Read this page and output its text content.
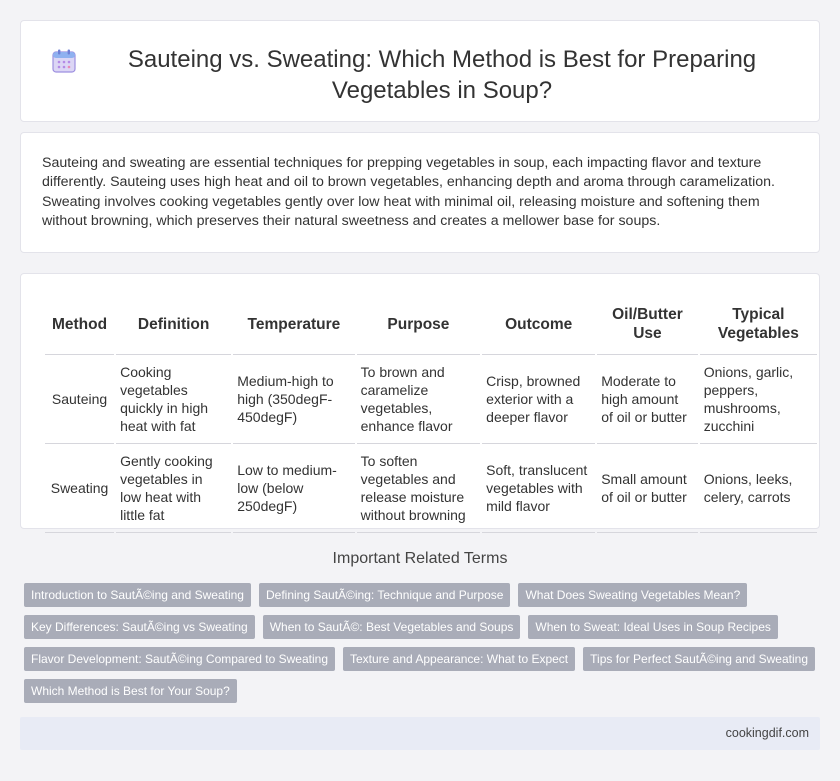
Sauteing vs. Sweating: Which Method is Best for Preparing Vegetables in Soup?

Sauteing and sweating are essential techniques for prepping vegetables in soup, each impacting flavor and texture differently. Sauteing uses high heat and oil to brown vegetables, enhancing depth and aroma through caramelization. Sweating involves cooking vegetables gently over low heat with minimal oil, releasing moisture and softening them without browning, which preserves their natural sweetness and creates a mellower base for soups.

Method	Definition	Temperature	Purpose	Outcome	Oil/Butter Use	Typical Vegetables
Sauteing	Cooking vegetables quickly in high heat with fat	Medium-high to high (350degF-450degF)	To brown and caramelize vegetables, enhance flavor	Crisp, browned exterior with a deeper flavor	Moderate to high amount of oil or butter	Onions, garlic, peppers, mushrooms, zucchini
Sweating	Gently cooking vegetables in low heat with little fat	Low to medium-low (below 250degF)	To soften vegetables and release moisture without browning	Soft, translucent vegetables with mild flavor	Small amount of oil or butter	Onions, leeks, celery, carrots
Important Related Terms
Introduction to SautÃ©ing and Sweating	Defining SautÃ©ing: Technique and Purpose	What Does Sweating Vegetables Mean?
Key Differences: SautÃ©ing vs Sweating	When to SautÃ©: Best Vegetables and Soups	When to Sweat: Ideal Uses in Soup Recipes
Flavor Development: SautÃ©ing Compared to Sweating	Texture and Appearance: What to Expect	Tips for Perfect SautÃ©ing and Sweating
Which Method is Best for Your Soup?
cookingdif.com
